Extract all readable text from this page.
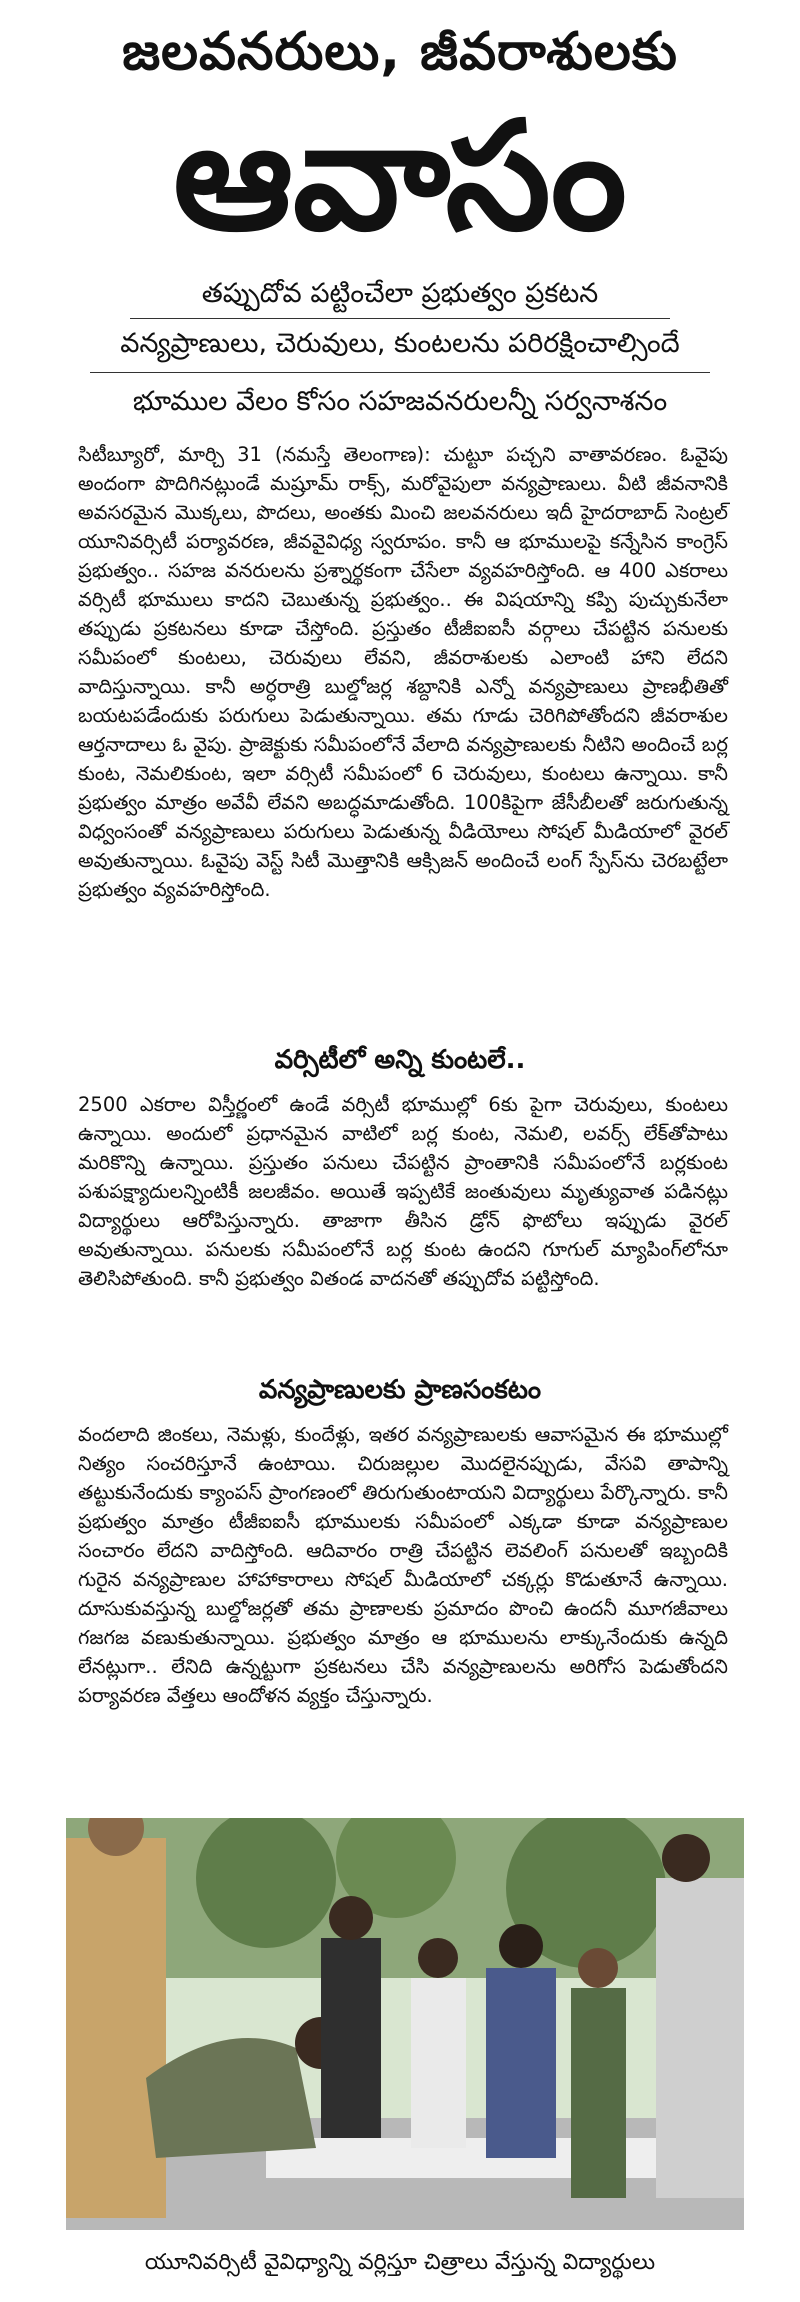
జలవనరులు, జీవరాశులకు
ఆవాసం
తప్పుదోవ పట్టించేలా ప్రభుత్వం ప్రకటన
వన్యప్రాణులు, చెరువులు, కుంటలను పరిరక్షించాల్సిందే
భూముల వేలం కోసం సహజవనరులన్నీ సర్వనాశనం
సిటీబ్యూరో, మార్చి 31 (నమస్తే తెలంగాణ): చుట్టూ పచ్చని వాతావరణం. ఓవైపు అందంగా పొదిగినట్లుండే మష్రూమ్ రాక్స్, మరోవైపులా వన్యప్రాణులు. వీటి జీవనానికి అవసరమైన మొక్కలు, పొదలు, అంతకు మించి జలవనరులు ఇదీ హైదరాబాద్ సెంట్రల్ యూనివర్సిటీ పర్యావరణ, జీవవైవిధ్య స్వరూపం. కానీ ఆ భూములపై కన్నేసిన కాంగ్రెస్ ప్రభుత్వం.. సహజ వనరులను ప్రశ్నార్థకంగా చేసేలా వ్యవహరిస్తోంది. ఆ 400 ఎకరాలు వర్సిటీ భూములు కాదని చెబుతున్న ప్రభుత్వం.. ఈ విషయాన్ని కప్పి పుచ్చుకునేలా తప్పుడు ప్రకటనలు కూడా చేస్తోంది. ప్రస్తుతం టీజీఐఐసీ వర్గాలు చేపట్టిన పనులకు సమీపంలో కుంటలు, చెరువులు లేవని, జీవరాశులకు ఎలాంటి హాని లేదని వాదిస్తున్నాయి. కానీ అర్ధరాత్రి బుల్డోజర్ల శబ్దానికి ఎన్నో వన్యప్రాణులు ప్రాణభీతితో బయటపడేందుకు పరుగులు పెడుతున్నాయి. తమ గూడు చెరిగిపోతోందని జీవరాశుల ఆర్తనాదాలు ఓ వైపు. ప్రాజెక్టుకు సమీపంలోనే వేలాది వన్యప్రాణులకు నీటిని అందించే బర్ల కుంట, నెమలికుంట, ఇలా వర్సిటీ సమీపంలో 6 చెరువులు, కుంటలు ఉన్నాయి. కానీ ప్రభుత్వం మాత్రం అవేవీ లేవని అబద్ధమాడుతోంది. 100కిపైగా జేసీబీలతో జరుగుతున్న విధ్వంసంతో వన్యప్రాణులు పరుగులు పెడుతున్న వీడియోలు సోషల్ మీడియాలో వైరల్ అవుతున్నాయి. ఓవైపు వెస్ట్ సిటీ మొత్తానికి ఆక్సిజన్ అందించే లంగ్ స్పేస్‌ను చెరబట్టేలా ప్రభుత్వం వ్యవహరిస్తోంది.
వర్సిటీలో అన్ని కుంటలే..
2500 ఎకరాల విస్తీర్ణంలో ఉండే వర్సిటీ భూముల్లో 6కు పైగా చెరువులు, కుంటలు ఉన్నాయి. అందులో ప్రధానమైన వాటిలో బర్ల కుంట, నెమలి, లవర్స్ లేక్‌తోపాటు మరికొన్ని ఉన్నాయి. ప్రస్తుతం పనులు చేపట్టిన ప్రాంతానికి సమీపంలోనే బర్లకుంట పశుపక్ష్యాదులన్నింటికీ జలజీవం. అయితే ఇప్పటికే జంతువులు మృత్యువాత పడినట్లు విద్యార్థులు ఆరోపిస్తున్నారు. తాజాగా తీసిన డ్రోన్ ఫొటోలు ఇప్పుడు వైరల్ అవుతున్నాయి. పనులకు సమీపంలోనే బర్ల కుంట ఉందని గూగుల్ మ్యాపింగ్‌లోనూ తెలిసిపోతుంది. కానీ ప్రభుత్వం వితండ వాదనతో తప్పుదోవ పట్టిస్తోంది.
వన్యప్రాణులకు ప్రాణసంకటం
వందలాది జింకలు, నెమళ్లు, కుందేళ్లు, ఇతర వన్యప్రాణులకు ఆవాసమైన ఈ భూముల్లో నిత్యం సంచరిస్తూనే ఉంటాయి. చిరుజల్లుల మొదలైనప్పుడు, వేసవి తాపాన్ని తట్టుకునేందుకు క్యాంపస్ ప్రాంగణంలో తిరుగుతుంటాయని విద్యార్థులు పేర్కొన్నారు. కానీ ప్రభుత్వం మాత్రం టీజీఐఐసీ భూములకు సమీపంలో ఎక్కడా కూడా వన్యప్రాణుల సంచారం లేదని వాదిస్తోంది. ఆదివారం రాత్రి చేపట్టిన లెవలింగ్ పనులతో ఇబ్బందికి గురైన వన్యప్రాణుల హాహాకారాలు సోషల్ మీడియాలో చక్కర్లు కొడుతూనే ఉన్నాయి. దూసుకువస్తున్న బుల్డోజర్లతో తమ ప్రాణాలకు ప్రమాదం పొంచి ఉందనీ మూగజీవాలు గజగజ వణుకుతున్నాయి. ప్రభుత్వం మాత్రం ఆ భూములను లాక్కునేందుకు ఉన్నది లేనట్లుగా.. లేనిది ఉన్నట్టుగా ప్రకటనలు చేసి వన్యప్రాణులను అరిగోస పెడుతోందని పర్యావరణ వేత్తలు ఆందోళన వ్యక్తం చేస్తున్నారు.
యూనివర్సిటీ వైవిధ్యాన్ని వర్లిస్తూ చిత్రాలు వేస్తున్న విద్యార్థులు
